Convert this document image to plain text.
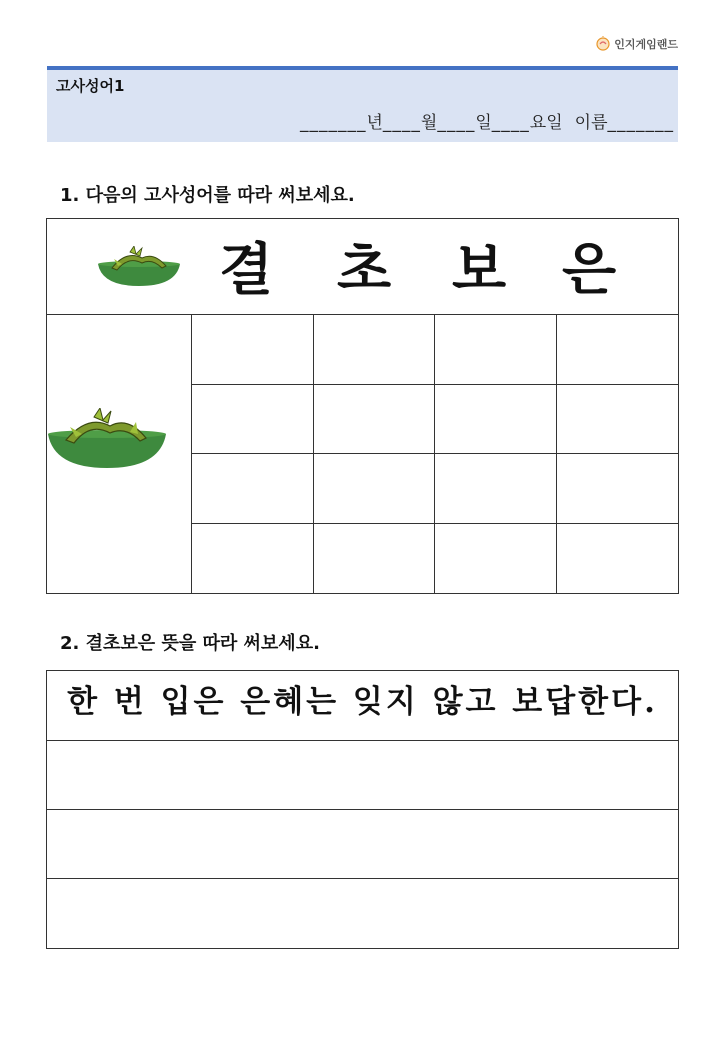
인지게임랜드
고사성어1
_______ 년 ____ 월 ____ 일 ____ 요일 이름 _______
1. 다음의 고사성어를 따라 써보세요.
결 초 보 은
2. 결초보은 뜻을 따라 써보세요.
한 번 입은 은혜는 잊지 않고 보답한다.
